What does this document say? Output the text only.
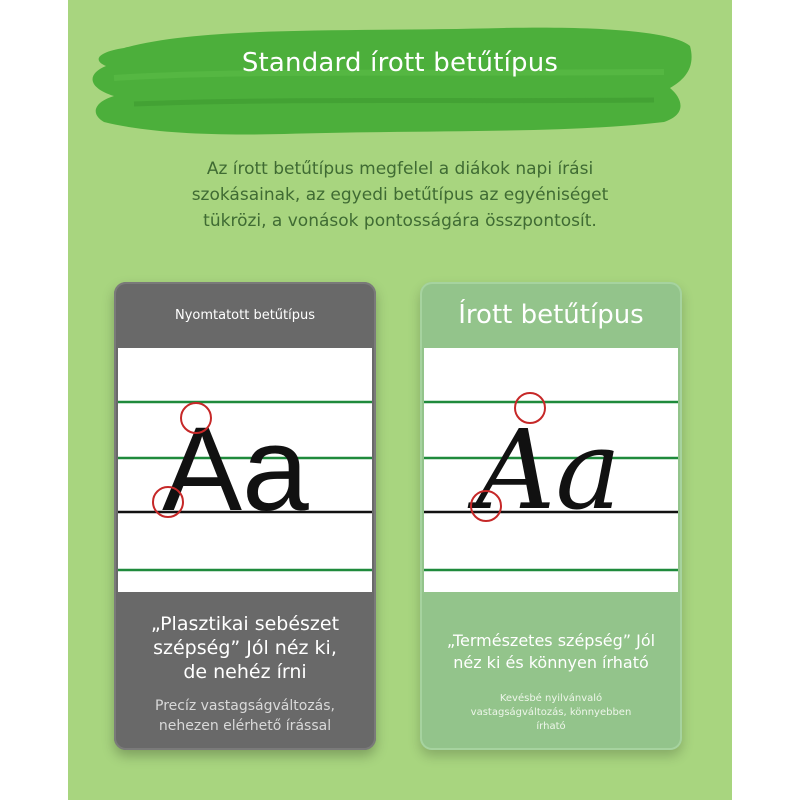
Standard írott betűtípus
Az írott betűtípus megfelel a diákok napi írási
szokásainak, az egyedi betűtípus az egyéniséget
tükrözi, a vonások pontosságára összpontosít.
Nyomtatott betűtípus
Aa
„Plasztikai sebészet
szépség” Jól néz ki,
de nehéz írni
Precíz vastagságváltozás,
nehezen elérhető írással
Írott betűtípus
Aa
„Természetes szépség” Jól
néz ki és könnyen írható
Kevésbé nyilvánvaló
vastagságváltozás, könnyebben
írható
